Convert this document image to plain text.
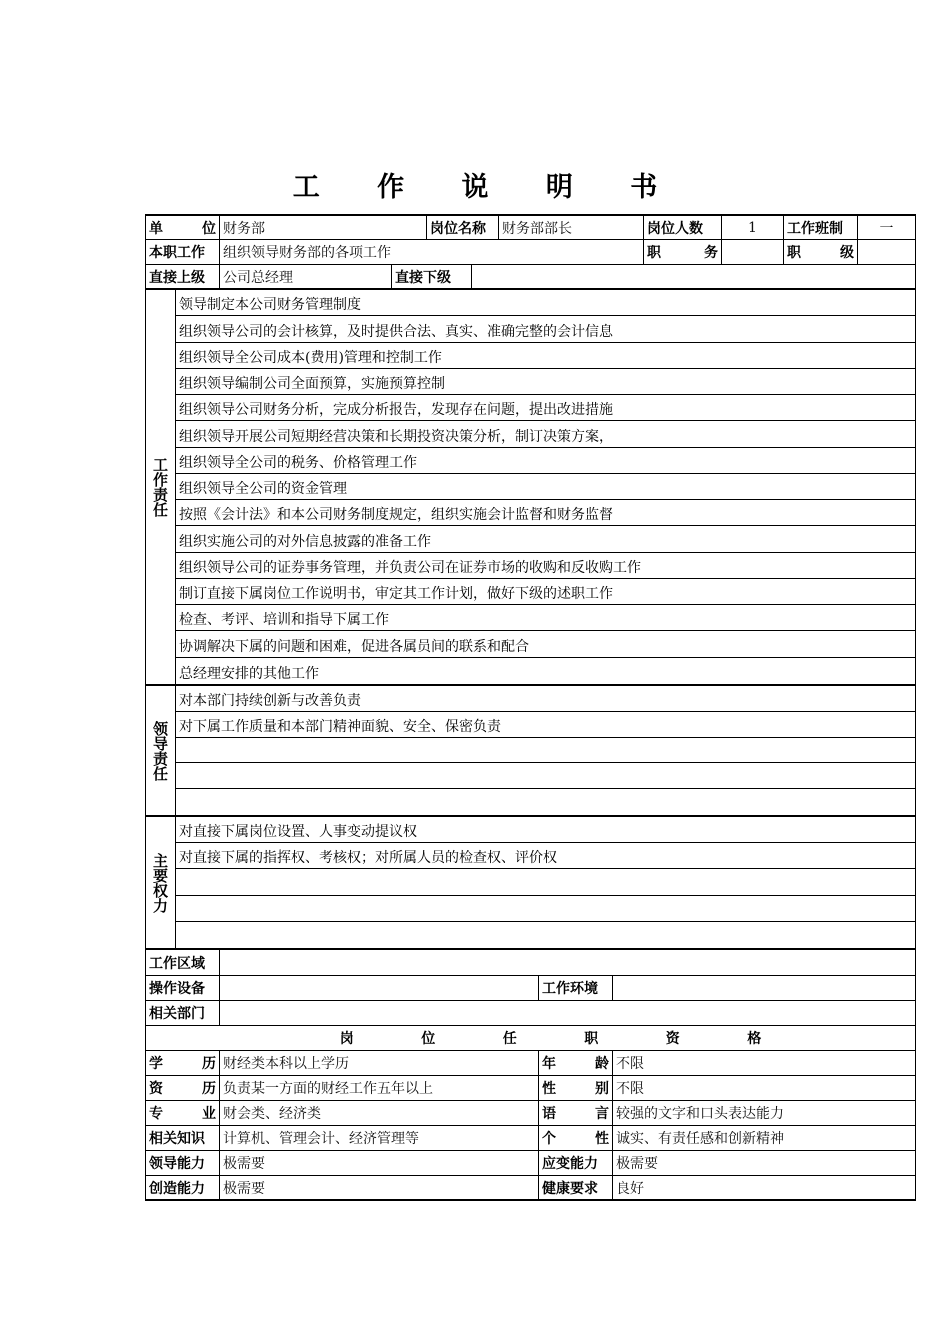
工 作 说 明 书
单	位 财务部	岗位名称	财务部部长	岗位人数	1	工作班制	一
本职工作	组织领导财务部的各项工作	职	务	职	级
直接上级	公司总经理	直接下级
工作责任
领导制定本公司财务管理制度
组织领导公司的会计核算，及时提供合法、真实、准确完整的会计信息
组织领导全公司成本(费用)管理和控制工作
组织领导编制公司全面预算，实施预算控制
组织领导公司财务分析，完成分析报告，发现存在问题，提出改进措施
组织领导开展公司短期经营决策和长期投资决策分析，制订决策方案，
组织领导全公司的税务、价格管理工作
组织领导全公司的资金管理
按照《会计法》和本公司财务制度规定，组织实施会计监督和财务监督
组织实施公司的对外信息披露的准备工作
组织领导公司的证券事务管理，并负责公司在证券市场的收购和反收购工作
制订直接下属岗位工作说明书，审定其工作计划，做好下级的述职工作
检查、考评、培训和指导下属工作
协调解决下属的问题和困难，促进各属员间的联系和配合
总经理安排的其他工作
领导责任
对本部门持续创新与改善负责
对下属工作质量和本部门精神面貌、安全、保密负责
主要权力
对直接下属岗位设置、人事变动提议权
对直接下属的指挥权、考核权；对所属人员的检查权、评价权
工作区域
操作设备	工作环境
相关部门
岗	位	任	职	资	格
学	历 财经类本科以上学历	年	龄 不限
资	历 负责某一方面的财经工作五年以上	性	别 不限
专	业 财会类、经济类	语	言 较强的文字和口头表达能力
相关知识	计算机、管理会计、经济管理等	个	性 诚实、有责任感和创新精神
领导能力	极需要	应变能力	极需要
创造能力	极需要	健康要求	良好
